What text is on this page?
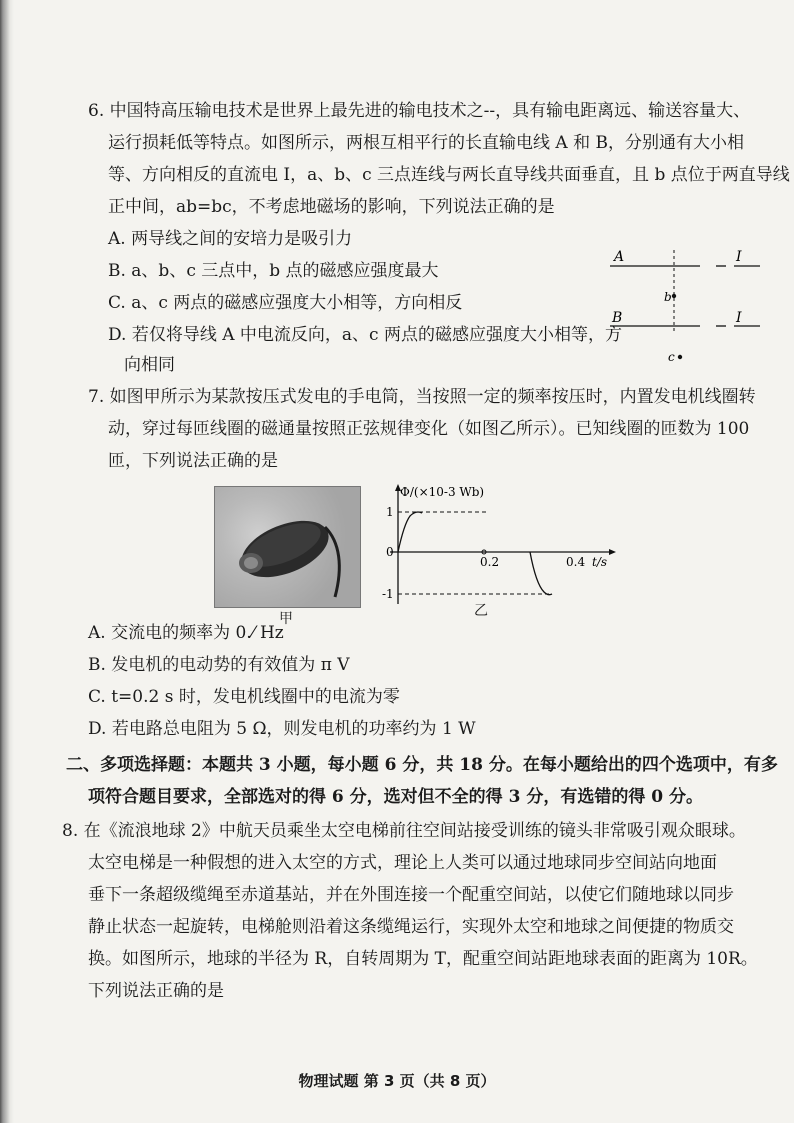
6. 中国特高压输电技术是世界上最先进的输电技术之--，具有输电距离远、输送容量大、
运行损耗低等特点。如图所示，两根互相平行的长直输电线 A 和 B，分别通有大小相
等、方向相反的直流电 I，a、b、c 三点连线与两长直导线共面垂直，且 b 点位于两直导线
正中间，ab=bc，不考虑地磁场的影响，下列说法正确的是
A. 两导线之间的安培力是吸引力
B. a、b、c 三点中，b 点的磁感应强度最大
C. a、c 两点的磁感应强度大小相等，方向相反
D. 若仅将导线 A 中电流反向，a、c 两点的磁感应强度大小相等，方
向相同
A	I
B	I
b
c
7. 如图甲所示为某款按压式发电的手电筒，当按照一定的频率按压时，内置发电机线圈转
动，穿过每匝线圈的磁通量按照正弦规律变化（如图乙所示）。已知线圈的匝数为 100
匝，下列说法正确的是
甲
Φ/(×10-3 Wb)
1
0
-1
0.2	0.4 t/s
乙
A. 交流电的频率为 0.⁄ Hz
B. 发电机的电动势的有效值为 π V
C. t=0.2 s 时，发电机线圈中的电流为零
D. 若电路总电阻为 5 Ω，则发电机的功率约为 1 W
二、多项选择题：本题共 3 小题，每小题 6 分，共 18 分。在每小题给出的四个选项中，有多
项符合题目要求，全部选对的得 6 分，选对但不全的得 3 分，有选错的得 0 分。
8. 在《流浪地球 2》中航天员乘坐太空电梯前往空间站接受训练的镜头非常吸引观众眼球。
太空电梯是一种假想的进入太空的方式，理论上人类可以通过地球同步空间站向地面
垂下一条超级缆绳至赤道基站，并在外围连接一个配重空间站，以使它们随地球以同步
静止状态一起旋转，电梯舱则沿着这条缆绳运行，实现外太空和地球之间便捷的物质交
换。如图所示，地球的半径为 R，自转周期为 T，配重空间站距地球表面的距离为 10R。
下列说法正确的是
物理试题 第 3 页（共 8 页）
